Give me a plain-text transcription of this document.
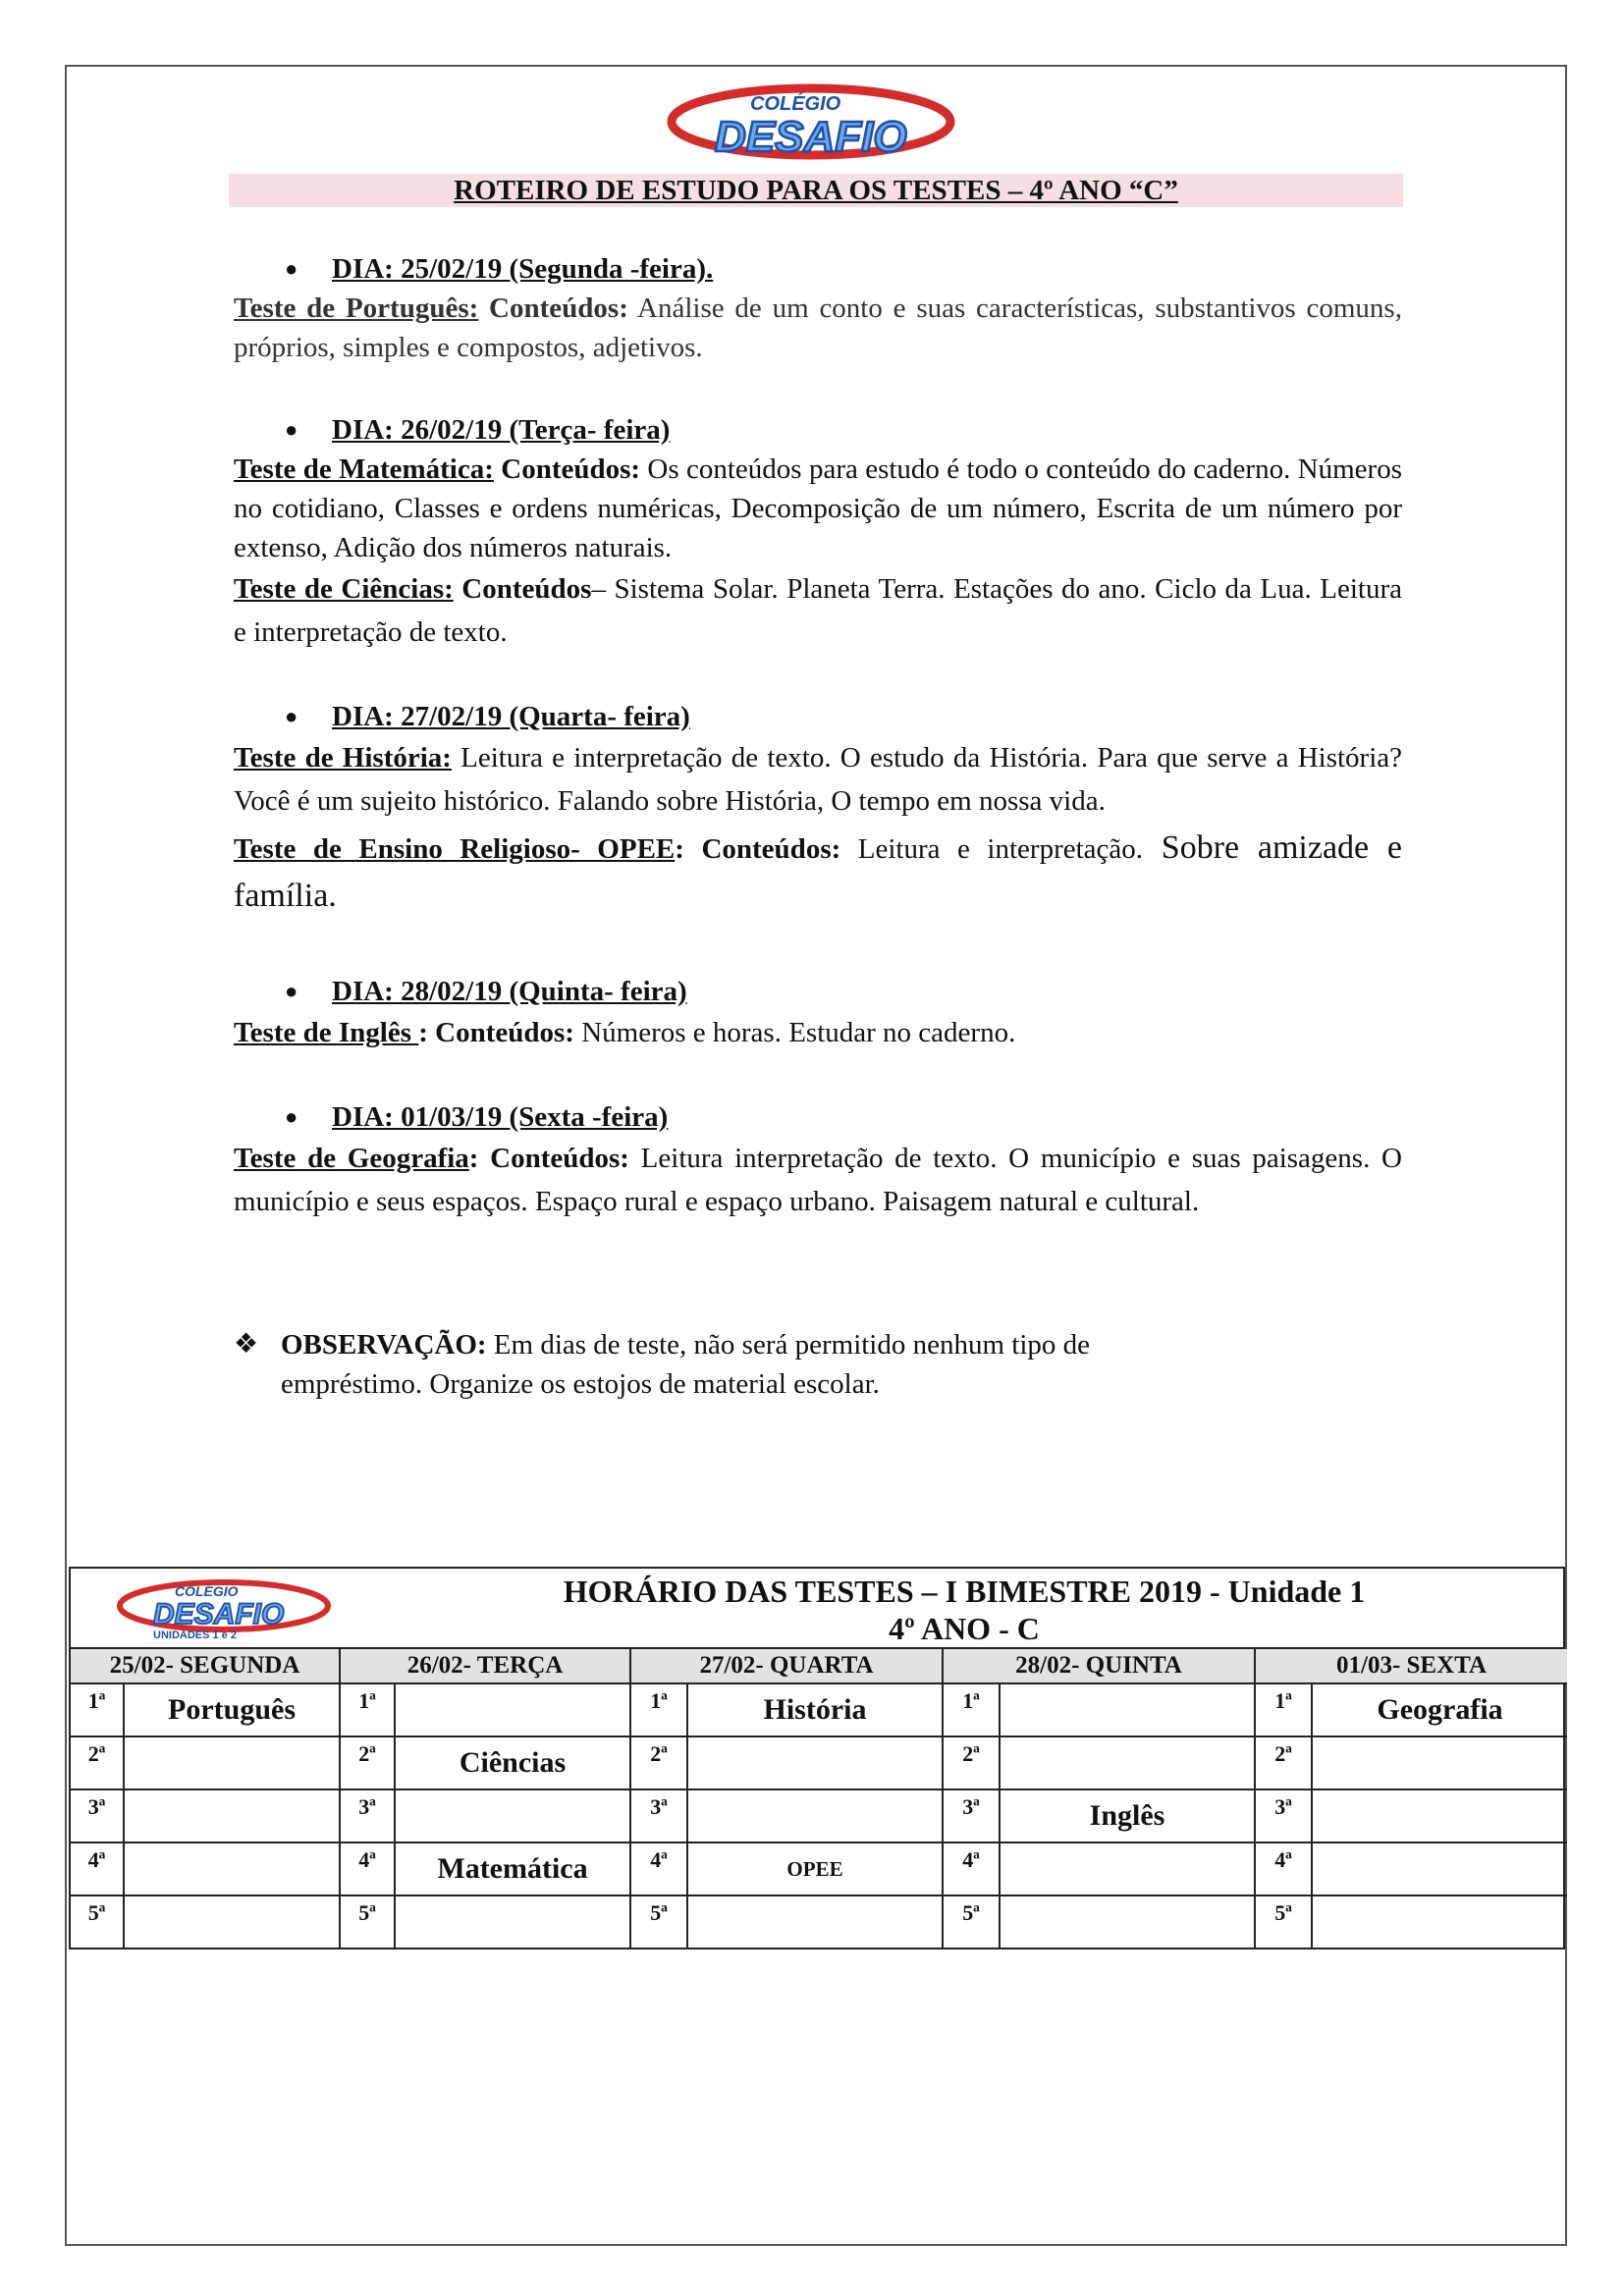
COLÉGIO
DESAFIO
ROTEIRO DE ESTUDO PARA OS TESTES – 4º ANO “C”
● DIA: 25/02/19 (Segunda -feira).
Teste de Português: Conteúdos: Análise de um conto e suas características, substantivos comuns, próprios, simples e compostos, adjetivos.
● DIA: 26/02/19 (Terça- feira)
Teste de Matemática: Conteúdos: Os conteúdos para estudo é todo o conteúdo do caderno. Números no cotidiano, Classes e ordens numéricas, Decomposição de um número, Escrita de um número por extenso, Adição dos números naturais.
Teste de Ciências: Conteúdos– Sistema Solar. Planeta Terra. Estações do ano. Ciclo da Lua. Leitura e interpretação de texto.
● DIA: 27/02/19 (Quarta- feira)
Teste de História: Leitura e interpretação de texto. O estudo da História. Para que serve a História? Você é um sujeito histórico. Falando sobre História, O tempo em nossa vida.
Teste de Ensino Religioso- OPEE: Conteúdos: Leitura e interpretação. Sobre amizade e família.
● DIA: 28/02/19 (Quinta- feira)
Teste de Inglês : Conteúdos: Números e horas. Estudar no caderno.
● DIA: 01/03/19 (Sexta -feira)
Teste de Geografia: Conteúdos: Leitura interpretação de texto. O município e suas paisagens. O município e seus espaços. Espaço rural e espaço urbano. Paisagem natural e cultural.
❖ OBSERVAÇÃO: Em dias de teste, não será permitido nenhum tipo de empréstimo. Organize os estojos de material escolar.
HORÁRIO DAS TESTES – I BIMESTRE 2019 - Unidade 1
4º ANO - C
25/02- SEGUNDA		26/02- TERÇA		27/02- QUARTA		28/02- QUINTA		01/03- SEXTA	
1ª	Português	1ª		1ª	História	1ª		1ª	Geografia
2ª		2ª	Ciências	2ª		2ª		2ª	
3ª		3ª		3ª		3ª	Inglês	3ª	
4ª		4ª	Matemática	4ª	OPEE	4ª		4ª	
5ª		5ª		5ª		5ª		5ª	
COLÉGIO
DESAFIO
UNIDADES 1 e 2
